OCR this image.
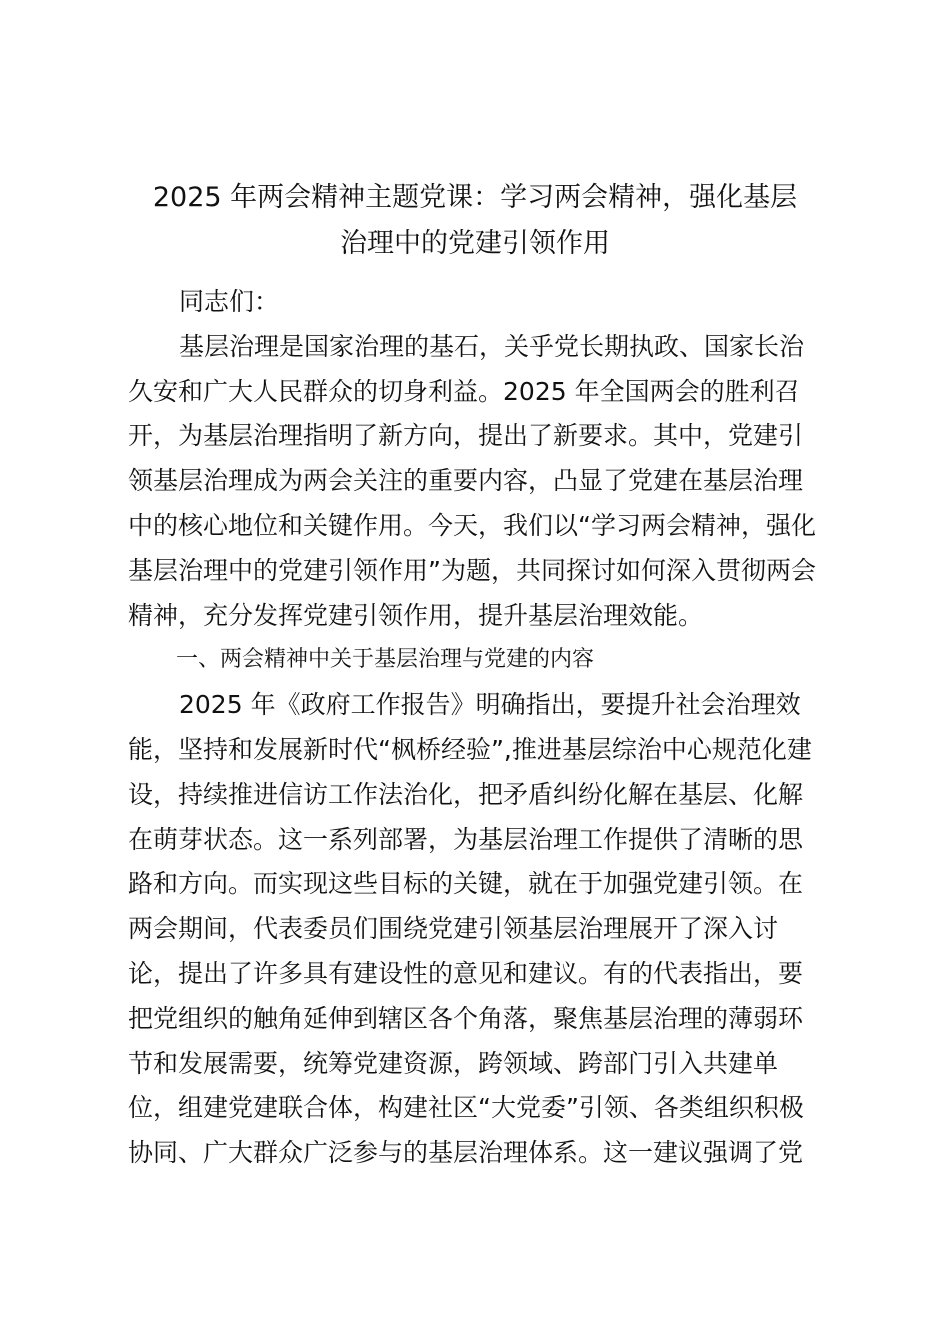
2025 年两会精神主题党课：学习两会精神，强化基层
治理中的党建引领作用
同志们：
基层治理是国家治理的基石，关乎党长期执政、国家长治
久安和广大人民群众的切身利益。2025 年全国两会的胜利召
开，为基层治理指明了新方向，提出了新要求。其中，党建引
领基层治理成为两会关注的重要内容，凸显了党建在基层治理
中的核心地位和关键作用。今天，我们以“学习两会精神，强化
基层治理中的党建引领作用”为题，共同探讨如何深入贯彻两会
精神，充分发挥党建引领作用，提升基层治理效能。
一、两会精神中关于基层治理与党建的内容
2025 年《政府工作报告》明确指出，要提升社会治理效
能，坚持和发展新时代“枫桥经验”,推进基层综治中心规范化建
设，持续推进信访工作法治化，把矛盾纠纷化解在基层、化解
在萌芽状态。这一系列部署，为基层治理工作提供了清晰的思
路和方向。而实现这些目标的关键，就在于加强党建引领。在
两会期间，代表委员们围绕党建引领基层治理展开了深入讨
论，提出了许多具有建设性的意见和建议。有的代表指出，要
把党组织的触角延伸到辖区各个角落，聚焦基层治理的薄弱环
节和发展需要，统筹党建资源，跨领域、跨部门引入共建单
位，组建党建联合体，构建社区“大党委”引领、各类组织积极
协同、广大群众广泛参与的基层治理体系。这一建议强调了党
